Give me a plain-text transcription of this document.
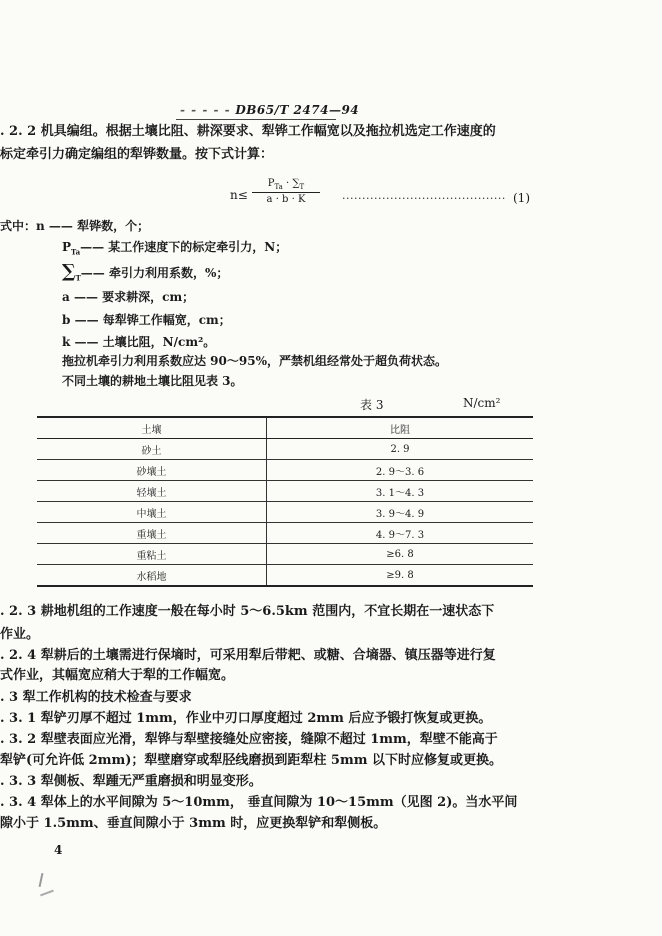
- - - - - DB65/T 2474—94
. 2. 2 机具编组。根据土壤比阻、耕深要求、犁铧工作幅宽以及拖拉机选定工作速度的
标定牵引力确定编组的犁铧数量。按下式计算：
n≤
$P_{Ta} \cdot \sum_T$
a · b · K	········································· (1)
式中：n —— 犁铧数，个；
$P_{Ta}——$ 某工作速度下的标定牵引力，N；
$\sum_T——$ 牵引力利用系数，%；
a —— 要求耕深，cm；
b —— 每犁铧工作幅宽，cm；
k —— 土壤比阻，N/cm²。
拖拉机牵引力利用系数应达 90～95%，严禁机组经常处于超负荷状态。
不同土壤的耕地土壤比阻见表 3。
表 3	N/cm²
土壤	比阻
砂土	2. 9
砂壤土	2. 9～3. 6
轻壤土	3. 1～4. 3
中壤土	3. 9～4. 9
重壤土	4. 9～7. 3
重粘土	≥6. 8
水稻地	≥9. 8
. 2. 3 耕地机组的工作速度一般在每小时 5～6.5km 范围内，不宜长期在一速状态下
作业。
. 2. 4 犁耕后的土壤需进行保墒时，可采用犁后带耙、或糖、合墒器、镇压器等进行复
式作业，其幅宽应稍大于犁的工作幅宽。
. 3 犁工作机构的技术检查与要求
. 3. 1 犁铲刃厚不超过 1mm，作业中刃口厚度超过 2mm 后应予锻打恢复或更换。
. 3. 2 犁壁表面应光滑，犁铧与犁壁接缝处应密接，缝隙不超过 1mm，犁壁不能高于
犁铲(可允许低 2mm)；犁壁磨穿或犁胫线磨损到距犁柱 5mm 以下时应修复或更换。
. 3. 3 犁侧板、犁踵无严重磨损和明显变形。
. 3. 4 犁体上的水平间隙为 5～10mm， 垂直间隙为 10～15mm（见图 2)。当水平间
隙小于 1.5mm、垂直间隙小于 3mm 时，应更换犁铲和犁侧板。
4
